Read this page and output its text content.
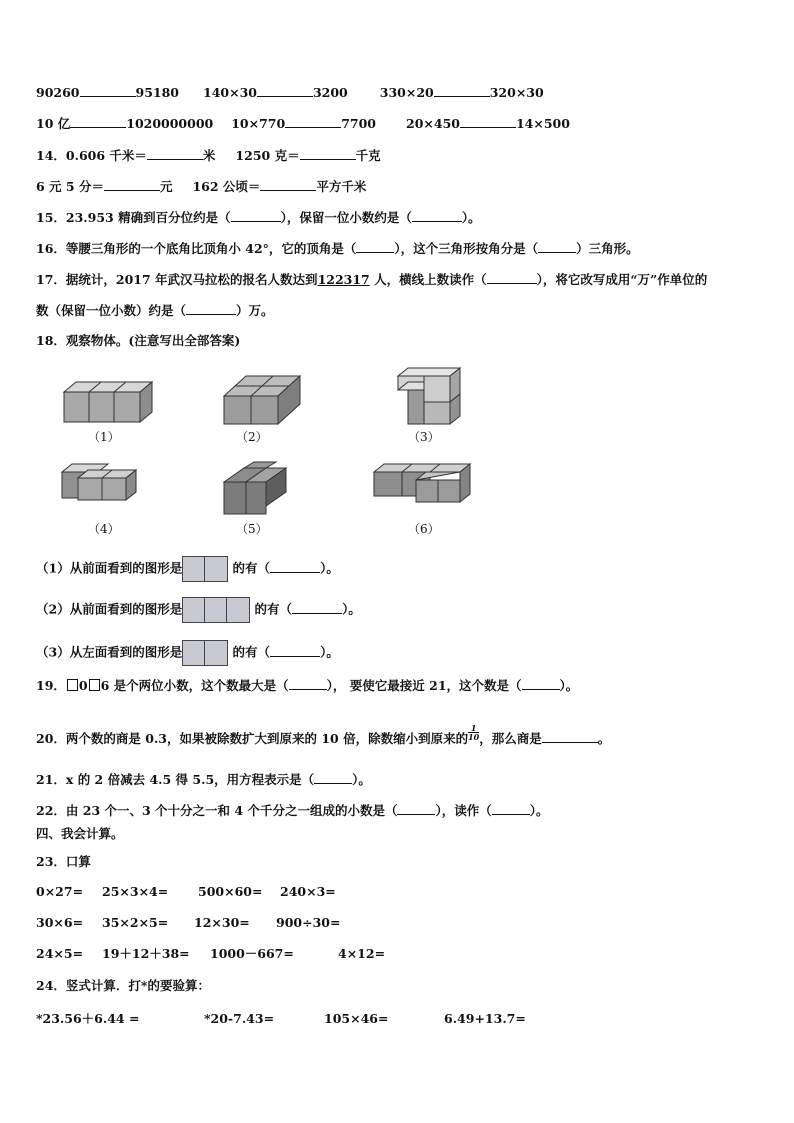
90260	95180 140×30	3200	330×20	320×30
10 亿	1020000000 10×770	7700 20×450	14×500
14．0.606 千米＝	米 1250 克＝	千克
6 元 5 分＝	元 162 公顷＝	平方千米
15．23.953 精确到百分位约是（	），保留一位小数约是（	）。
16．等腰三角形的一个底角比顶角小 42°，它的顶角是（	），这个三角形按角分是（	）三角形。
17．据统计，2017 年武汉马拉松的报名人数达到122317 人，横线上数读作（	），将它改写成用“万”作单位的
数（保留一位小数）约是（	）万。
18．观察物体。(注意写出全部答案)
（1）	（2）	（3）
（4）	（5）	（6）
（1）从前面看到的图形是	的有（	）。
（2）从前面看到的图形是	的有（	）。
（3）从左面看到的图形是	的有（	）。
19． 0 6 是个两位小数，这个数最大是（	）， 要使它最接近 21，这个数是（	）。
20．两个数的商是 0.3，如果被除数扩大到原来的 10 倍，除数缩小到原来的 $\frac{1}{10}$ ，那么商是	。
21．x 的 2 倍减去 4.5 得 5.5，用方程表示是（	）。
22．由 23 个一、3 个十分之一和 4 个千分之一组成的小数是（	），读作（	）。
四、我会计算。
23．口算
0×27= 25×3×4= 500×60= 240×3=
30×6= 35×2×5= 12×30= 900÷30=
24×5= 19＋12＋38= 1000－667=	4×12=
24．竖式计算．打*的要验算：
*23.56＋6.44 =	*20-7.43=	105×46=	6.49+13.7=
